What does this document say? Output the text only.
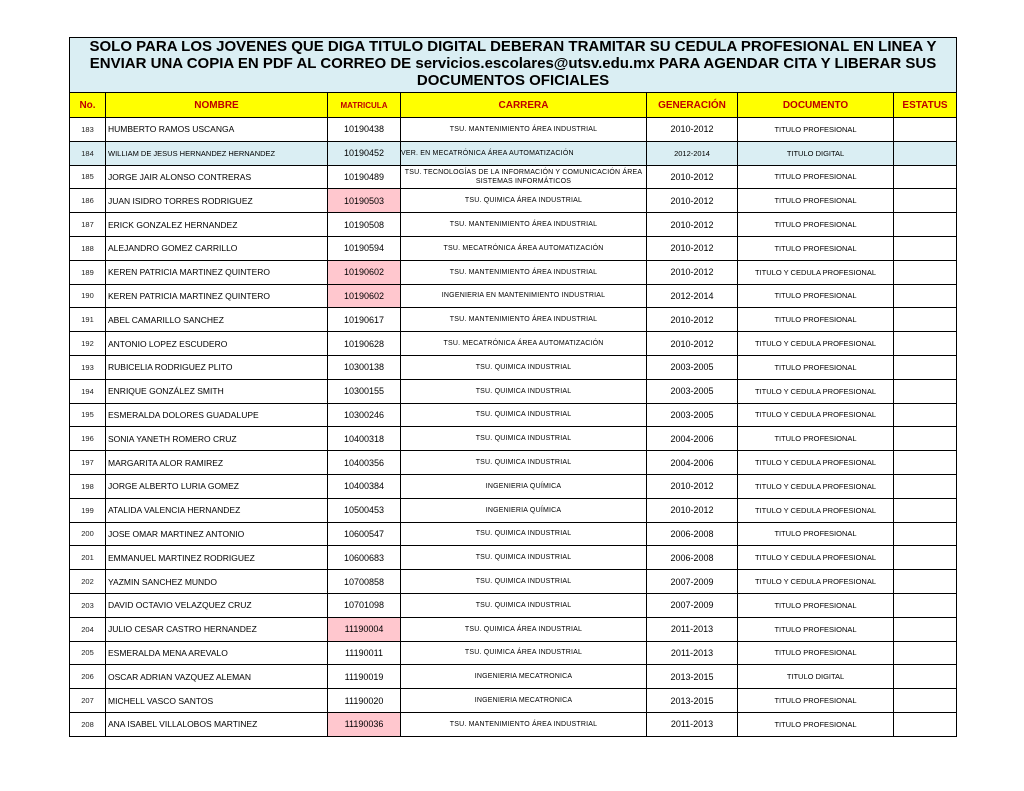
SOLO PARA LOS JOVENES QUE DIGA TITULO DIGITAL DEBERAN TRAMITAR SU CEDULA PROFESIONAL EN LINEA Y ENVIAR UNA COPIA EN PDF AL CORREO DE servicios.escolares@utsv.edu.mx PARA AGENDAR CITA Y LIBERAR SUS DOCUMENTOS OFICIALES						
No.	NOMBRE	MATRICULA	CARRERA	GENERACIÓN	DOCUMENTO	ESTATUS
183	HUMBERTO RAMOS USCANGA	10190438	TSU. MANTENIMIENTO ÁREA INDUSTRIAL	2010-2012	TITULO PROFESIONAL	
184	WILLIAM DE JESUS HERNANDEZ HERNANDEZ	10190452	VER. EN MECATRÓNICA ÁREA AUTOMATIZACIÓN	2012-2014	TITULO DIGITAL	
185	JORGE JAIR ALONSO CONTRERAS	10190489	TSU. TECNOLOGÍAS DE LA INFORMACIÓN Y COMUNICACIÓN ÁREA SISTEMAS INFORMÁTICOS	2010-2012	TITULO PROFESIONAL	
186	JUAN ISIDRO TORRES RODRIGUEZ	10190503	TSU. QUIMICA ÁREA INDUSTRIAL	2010-2012	TITULO PROFESIONAL	
187	ERICK GONZALEZ HERNANDEZ	10190508	TSU. MANTENIMIENTO ÁREA INDUSTRIAL	2010-2012	TITULO PROFESIONAL	
188	ALEJANDRO GOMEZ CARRILLO	10190594	TSU. MECATRÓNICA ÁREA AUTOMATIZACIÓN	2010-2012	TITULO PROFESIONAL	
189	KEREN PATRICIA MARTINEZ QUINTERO	10190602	TSU. MANTENIMIENTO ÁREA INDUSTRIAL	2010-2012	TITULO Y CEDULA PROFESIONAL	
190	KEREN PATRICIA MARTINEZ QUINTERO	10190602	INGENIERIA EN MANTENIMIENTO INDUSTRIAL	2012-2014	TITULO PROFESIONAL	
191	ABEL CAMARILLO SANCHEZ	10190617	TSU. MANTENIMIENTO ÁREA INDUSTRIAL	2010-2012	TITULO PROFESIONAL	
192	ANTONIO LOPEZ ESCUDERO	10190628	TSU. MECATRÓNICA ÁREA AUTOMATIZACIÓN	2010-2012	TITULO Y CEDULA PROFESIONAL	
193	RUBICELIA RODRIGUEZ PLITO	10300138	TSU. QUIMICA INDUSTRIAL	2003-2005	TITULO PROFESIONAL	
194	ENRIQUE GONZÁLEZ SMITH	10300155	TSU. QUIMICA INDUSTRIAL	2003-2005	TITULO Y CEDULA PROFESIONAL	
195	ESMERALDA DOLORES GUADALUPE	10300246	TSU. QUIMICA INDUSTRIAL	2003-2005	TITULO Y CEDULA PROFESIONAL	
196	SONIA YANETH ROMERO CRUZ	10400318	TSU. QUIMICA INDUSTRIAL	2004-2006	TITULO PROFESIONAL	
197	MARGARITA ALOR RAMIREZ	10400356	TSU. QUIMICA INDUSTRIAL	2004-2006	TITULO Y CEDULA PROFESIONAL	
198	JORGE ALBERTO LURIA GOMEZ	10400384	INGENIERIA QUÍMICA	2010-2012	TITULO Y CEDULA PROFESIONAL	
199	ATALIDA VALENCIA HERNANDEZ	10500453	INGENIERIA QUÍMICA	2010-2012	TITULO Y CEDULA PROFESIONAL	
200	JOSE OMAR MARTINEZ ANTONIO	10600547	TSU. QUIMICA INDUSTRIAL	2006-2008	TITULO PROFESIONAL	
201	EMMANUEL MARTINEZ RODRIGUEZ	10600683	TSU. QUIMICA INDUSTRIAL	2006-2008	TITULO Y CEDULA PROFESIONAL	
202	YAZMIN SANCHEZ MUNDO	10700858	TSU. QUIMICA INDUSTRIAL	2007-2009	TITULO Y CEDULA PROFESIONAL	
203	DAVID OCTAVIO VELAZQUEZ CRUZ	10701098	TSU. QUIMICA INDUSTRIAL	2007-2009	TITULO PROFESIONAL	
204	JULIO CESAR CASTRO HERNANDEZ	11190004	TSU. QUIMICA ÁREA INDUSTRIAL	2011-2013	TITULO PROFESIONAL	
205	ESMERALDA MENA AREVALO	11190011	TSU. QUIMICA ÁREA INDUSTRIAL	2011-2013	TITULO PROFESIONAL	
206	OSCAR ADRIAN VAZQUEZ ALEMAN	11190019	INGENIERIA MECATRONICA	2013-2015	TITULO DIGITAL	
207	MICHELL VASCO SANTOS	11190020	INGENIERIA MECATRONICA	2013-2015	TITULO PROFESIONAL	
208	ANA ISABEL VILLALOBOS MARTINEZ	11190036	TSU. MANTENIMIENTO ÁREA INDUSTRIAL	2011-2013	TITULO PROFESIONAL	
